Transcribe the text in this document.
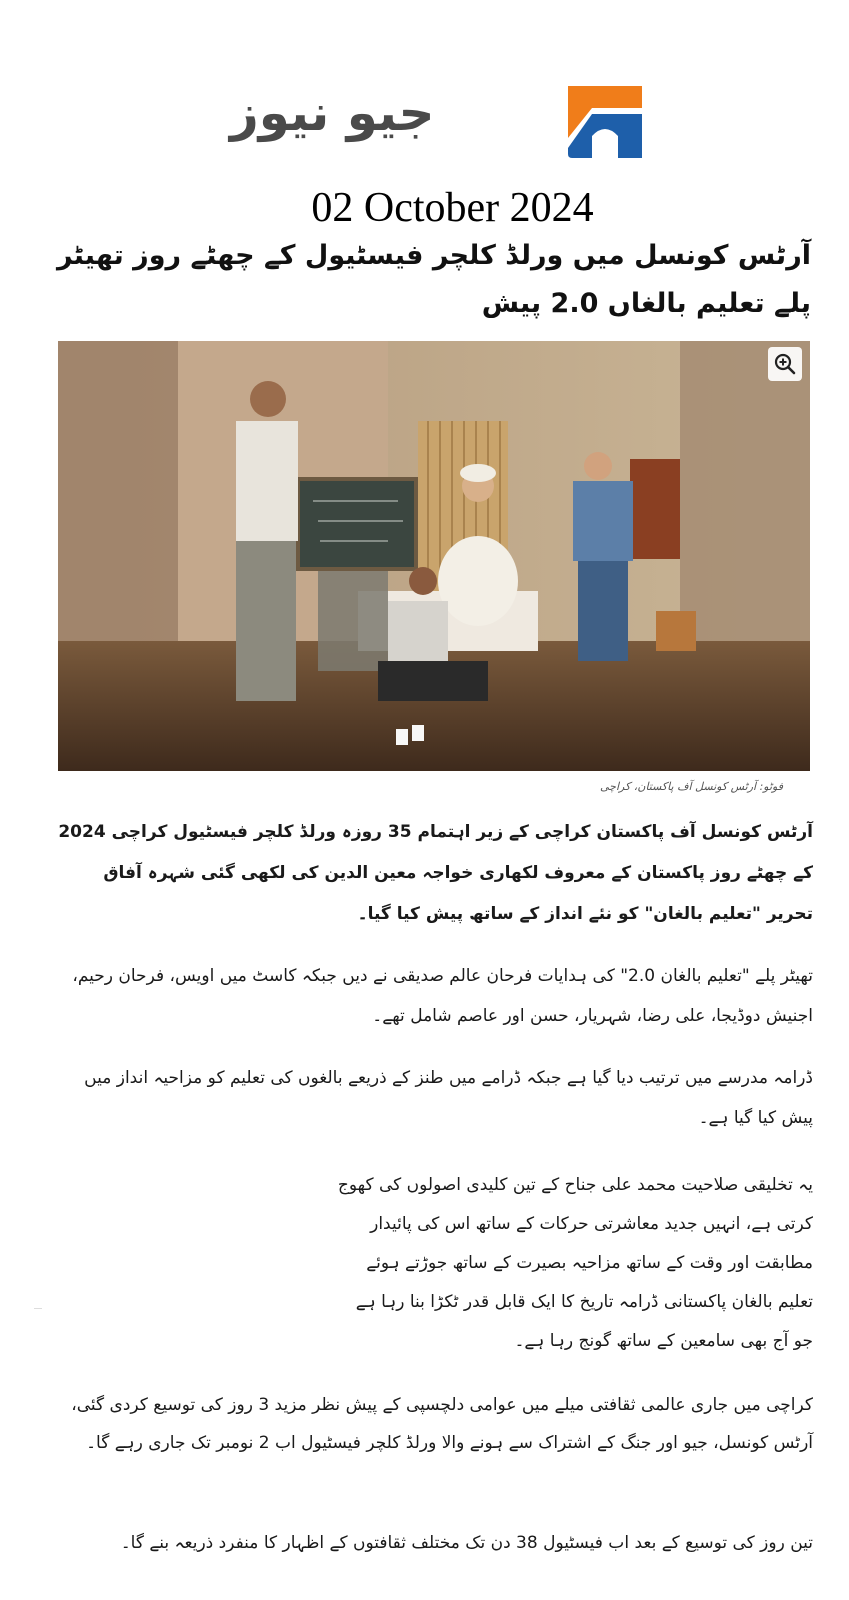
جیو نیوز
02 October 2024
آرٹس کونسل میں ورلڈ کلچر فیسٹیول کے چھٹے روز تھیٹر پلے تعلیم بالغاں 2.0 پیش
فوٹو: آرٹس کونسل آف پاکستان، کراچی

آرٹس کونسل آف پاکستان کراچی کے زیر اہتمام 35 روزہ ورلڈ کلچر فیسٹیول کراچی 2024 کے چھٹے روز پاکستان کے معروف لکھاری خواجہ معین الدین کی لکھی گئی شہرہ آفاق تحریر "تعلیم بالغان" کو نئے انداز کے ساتھ پیش کیا گیا۔

تھیٹر پلے "تعلیم بالغان 2.0" کی ہدایات فرحان عالم صدیقی نے دیں جبکہ کاسٹ میں اویس، فرحان رحیم، اجنیش دوڈیجا، علی رضا، شہریار، حسن اور عاصم شامل تھے۔

ڈرامہ مدرسے میں ترتیب دیا گیا ہے جبکہ ڈرامے میں طنز کے ذریعے بالغوں کی تعلیم کو مزاحیہ انداز میں پیش کیا گیا ہے۔

یہ تخلیقی صلاحیت محمد علی جناح کے تین کلیدی اصولوں کی کھوج کرتی ہے، انہیں جدید معاشرتی حرکات کے ساتھ اس کی پائیدار مطابقت اور وقت کے ساتھ مزاحیہ بصیرت کے ساتھ جوڑتے ہوئے تعلیم بالغان پاکستانی ڈرامہ تاریخ کا ایک قابل قدر ٹکڑا بنا رہا ہے جو آج بھی سامعین کے ساتھ گونج رہا ہے۔

کراچی میں جاری عالمی ثقافتی میلے میں عوامی دلچسپی کے پیش نظر مزید 3 روز کی توسیع کردی گئی، آرٹس کونسل، جیو اور جنگ کے اشتراک سے ہونے والا ورلڈ کلچر فیسٹیول اب 2 نومبر تک جاری رہے گا۔

تین روز کی توسیع کے بعد اب فیسٹیول 38 دن تک مختلف ثقافتوں کے اظہار کا منفرد ذریعہ بنے گا۔
